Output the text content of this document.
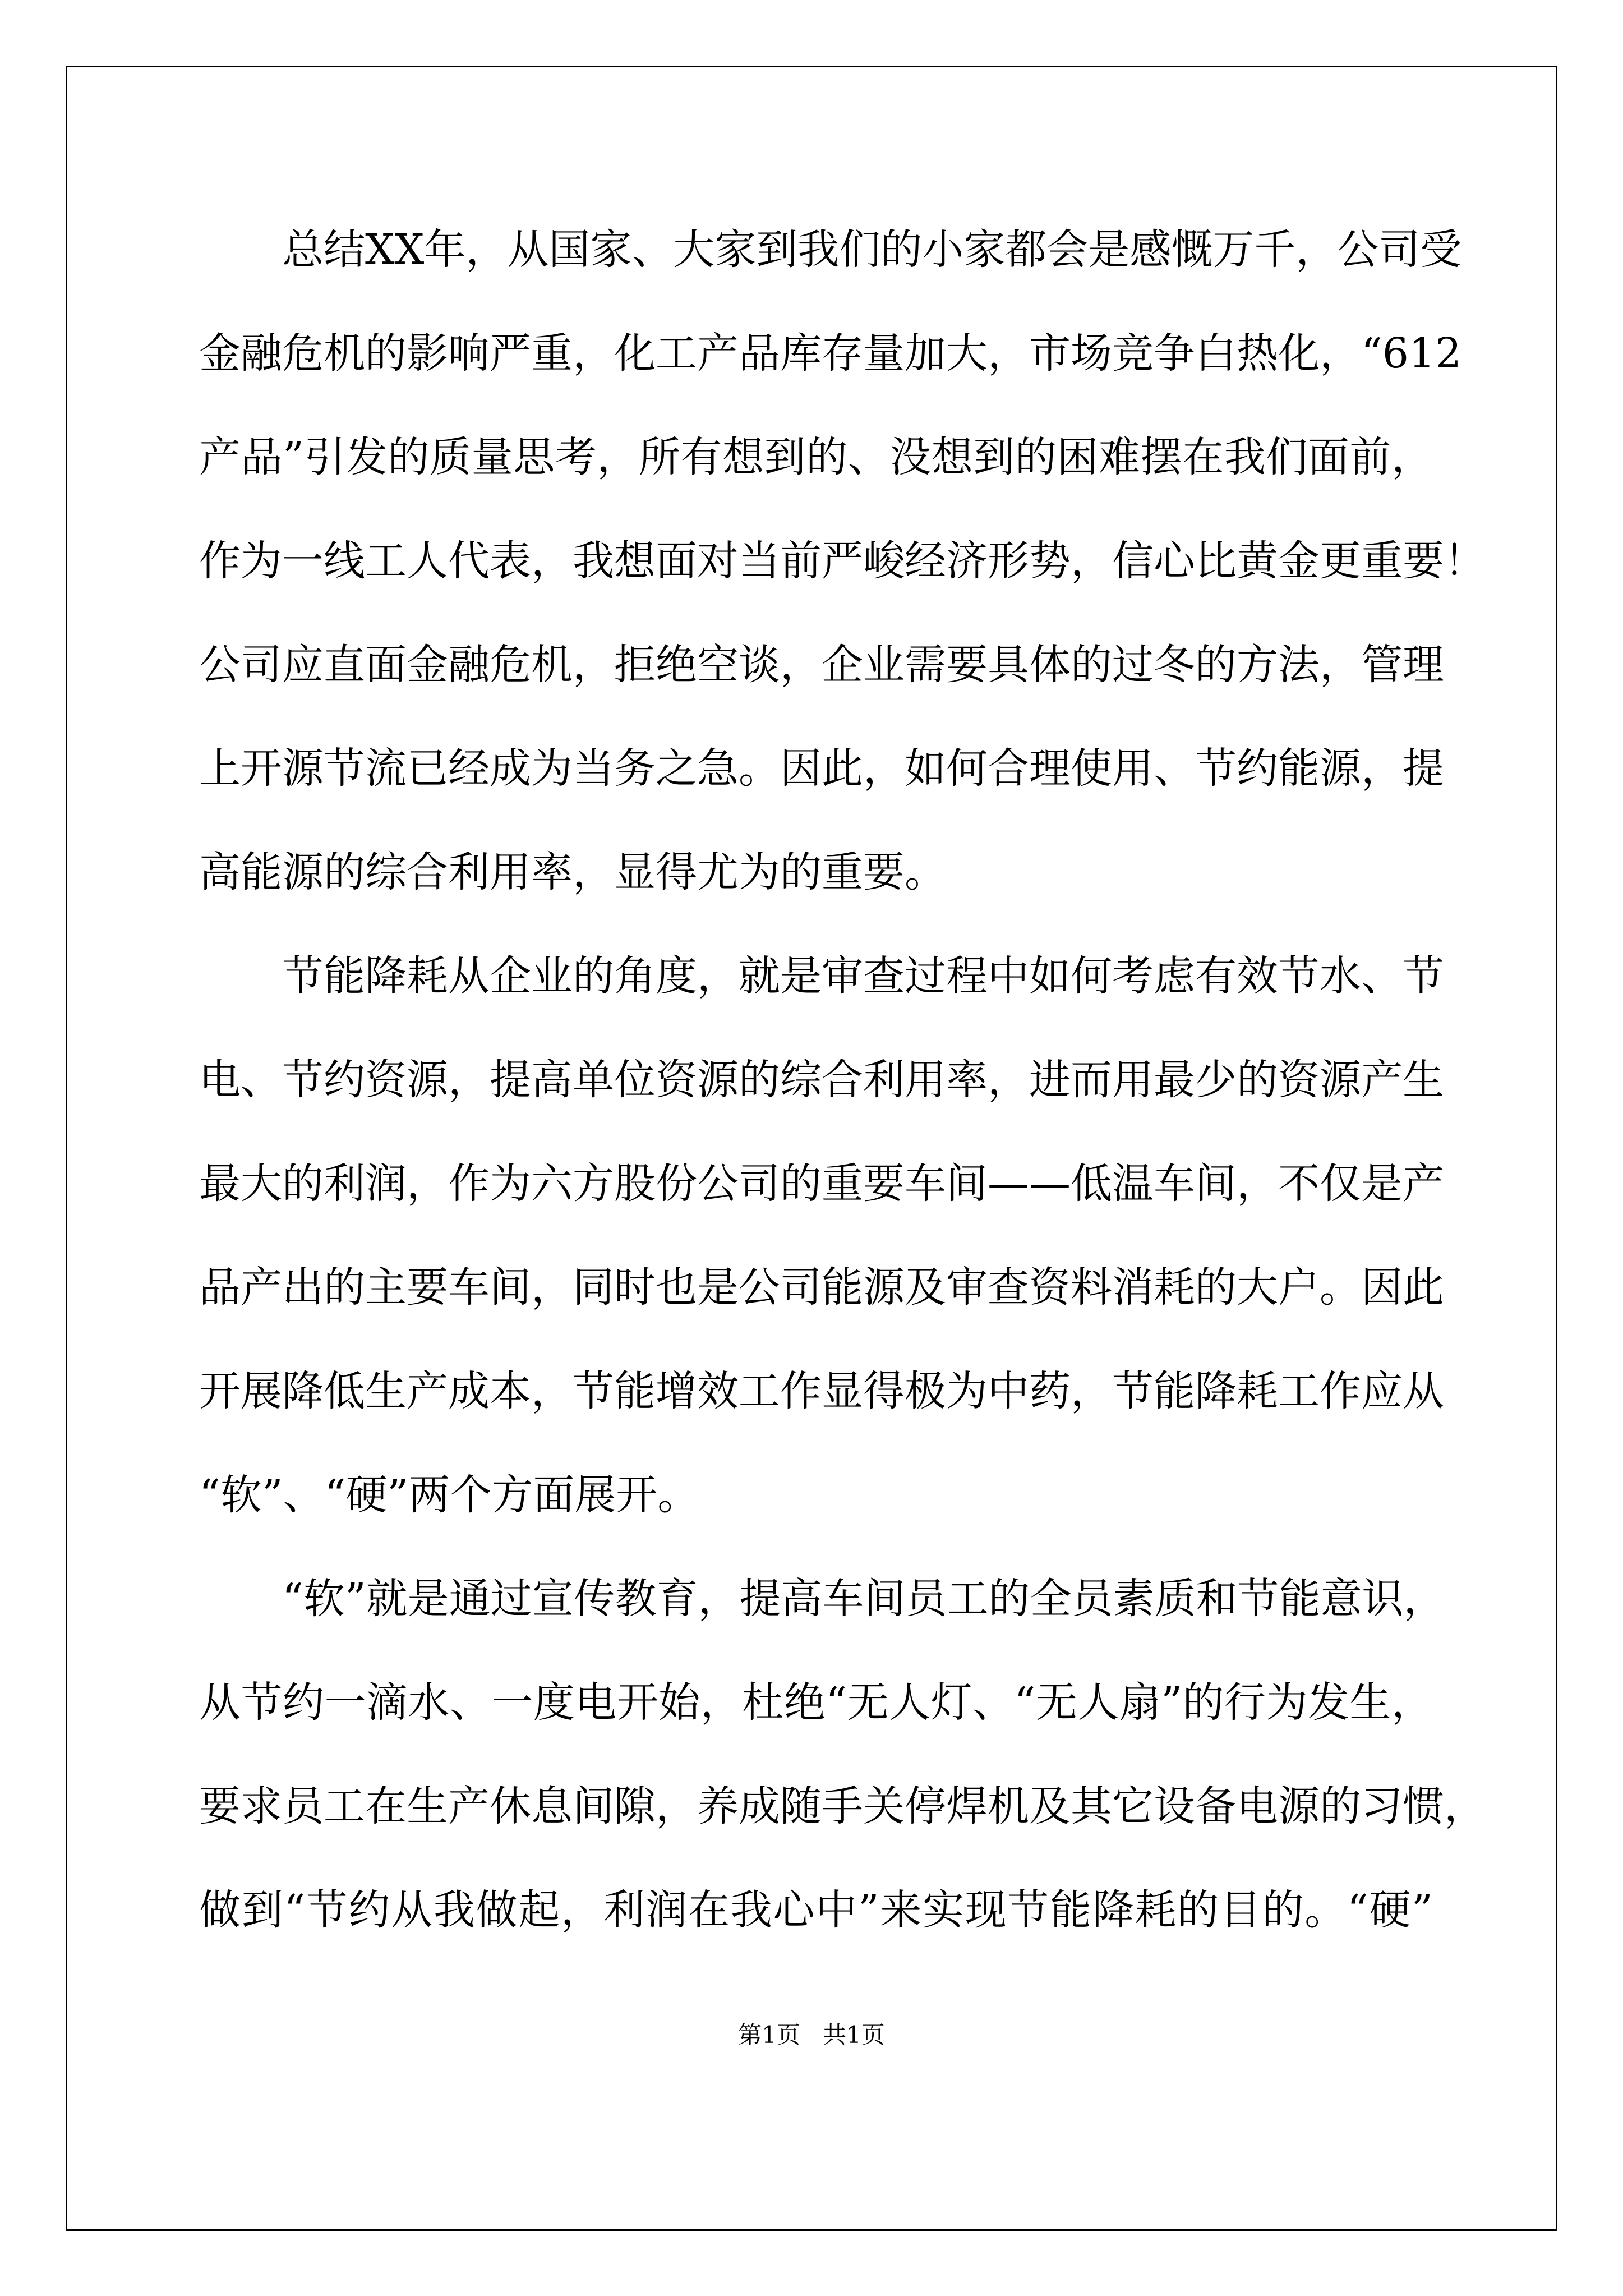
总结XX年，从国家、大家到我们的小家都会是感慨万千，公司受
金融危机的影响严重，化工产品库存量加大，市场竞争白热化，“612
产品”引发的质量思考，所有想到的、没想到的困难摆在我们面前，
作为一线工人代表，我想面对当前严峻经济形势，信心比黄金更重要！
公司应直面金融危机，拒绝空谈，企业需要具体的过冬的方法，管理
上开源节流已经成为当务之急。因此，如何合理使用、节约能源，提
高能源的综合利用率，显得尤为的重要。
节能降耗从企业的角度，就是审查过程中如何考虑有效节水、节
电、节约资源，提高单位资源的综合利用率，进而用最少的资源产生
最大的利润，作为六方股份公司的重要车间——低温车间，不仅是产
品产出的主要车间，同时也是公司能源及审查资料消耗的大户。因此
开展降低生产成本，节能增效工作显得极为中药，节能降耗工作应从
“软”、“硬”两个方面展开。
“软”就是通过宣传教育，提高车间员工的全员素质和节能意识，
从节约一滴水、一度电开始，杜绝“无人灯、“无人扇”的行为发生，
要求员工在生产休息间隙，养成随手关停焊机及其它设备电源的习惯，
做到“节约从我做起，利润在我心中”来实现节能降耗的目的。“硬”
第1页 共1页
